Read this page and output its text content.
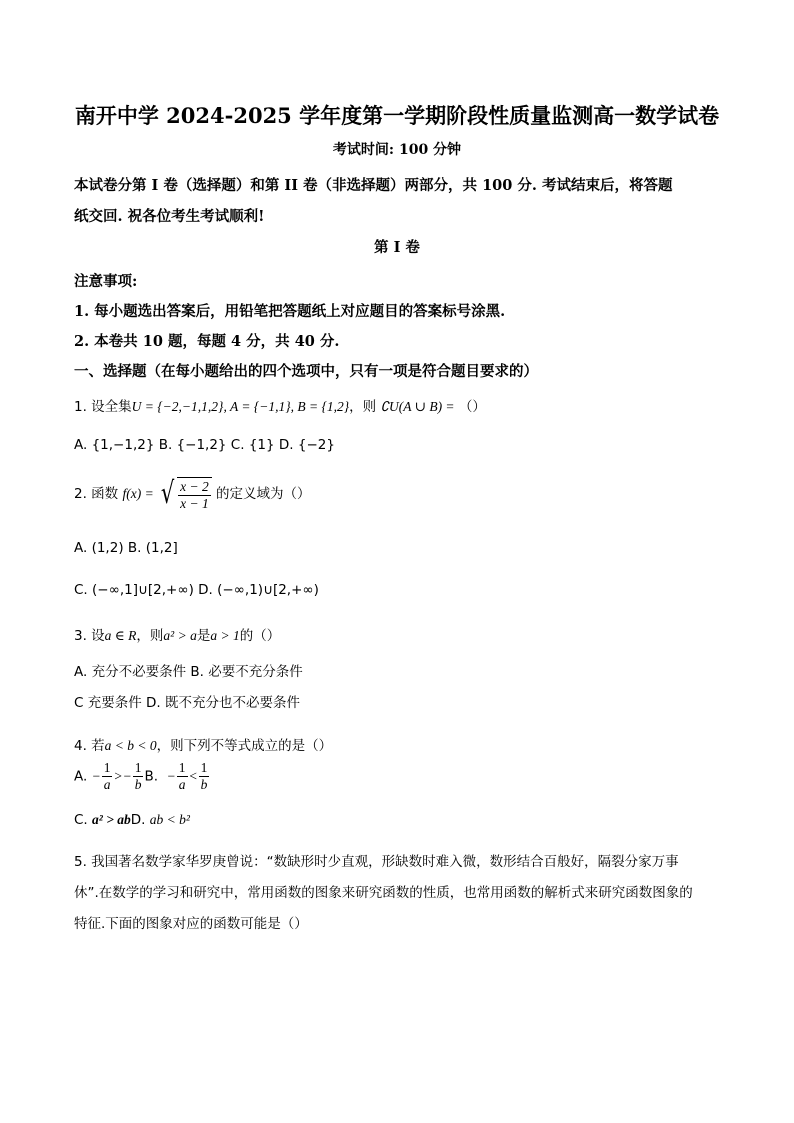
南开中学 2024-2025 学年度第一学期阶段性质量监测高一数学试卷
考试时间: 100 分钟
本试卷分第 I 卷（选择题）和第 II 卷（非选择题）两部分，共 100 分. 考试结束后，将答题
纸交回. 祝各位考生考试顺利!
第 I 卷
注意事项:
1. 每小题选出答案后，用铅笔把答题纸上对应题目的答案标号涂黑.
2. 本卷共 10 题，每题 4 分，共 40 分.
一、选择题（在每小题给出的四个选项中，只有一项是符合题目要求的）
1. 设全集U = {−2,−1,1,2}, A = {−1,1}, B = {1,2}，则 ∁U(A ∪ B) = （）
A. {1,−1,2} B. {−1,2} C. {1} D. {−2}
2. 函数 f(x) = √ $\frac{x - 2}{x - 1}$ 的定义域为（）
A. (1,2) B. (1,2]
C. (−∞,1]∪[2,+∞) D. (−∞,1)∪[2,+∞)
3. 设a ∈ R，则a² > a是a > 1的（）
A. 充分不必要条件 B. 必要不充分条件
C 充要条件 D. 既不充分也不必要条件
4. 若a < b < 0，则下列不等式成立的是（）
A. − $\frac{1}{a} >- \frac{1}{b} B$. − $\frac{1}{a} < \frac{1}{b}$
C. a² > abD. ab < b²
5. 我国著名数学家华罗庚曾说：“数缺形时少直观，形缺数时难入微，数形结合百般好，隔裂分家万事
休”.在数学的学习和研究中，常用函数的图象来研究函数的性质，也常用函数的解析式来研究函数图象的
特征.下面的图象对应的函数可能是（）
